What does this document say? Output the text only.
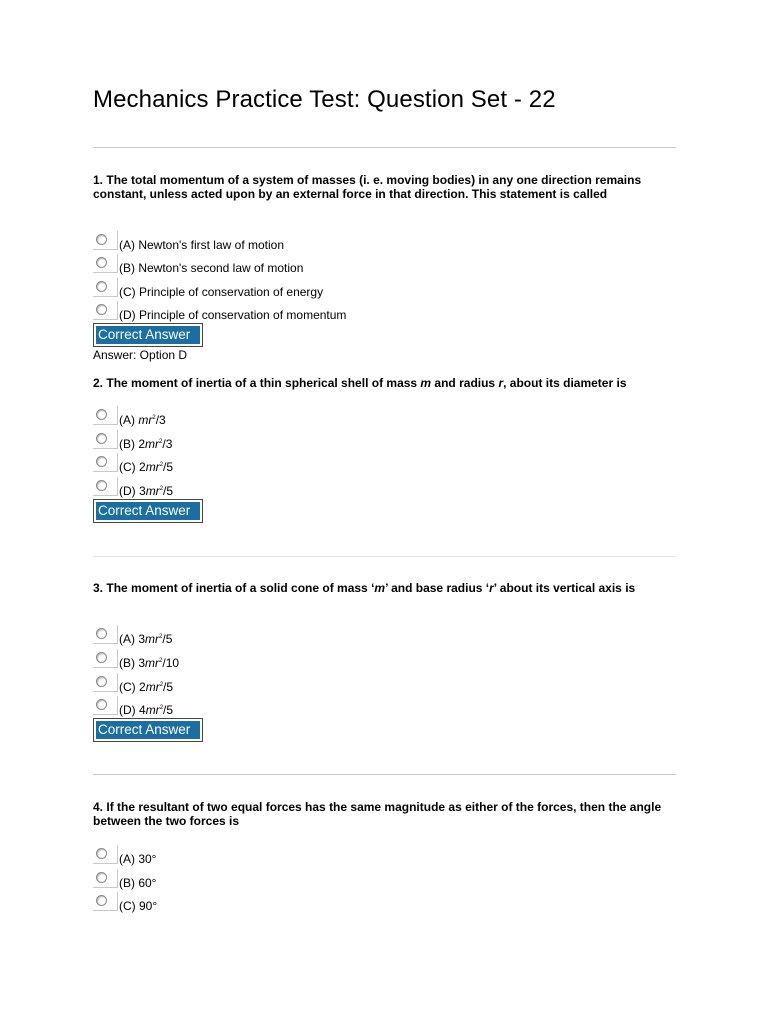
Mechanics Practice Test: Question Set - 22
1. The total momentum of a system of masses (i. e. moving bodies) in any one direction remains constant, unless acted upon by an external force in that direction. This statement is called
(A) Newton's first law of motion
(B) Newton's second law of motion
(C) Principle of conservation of energy
(D) Principle of conservation of momentum
Correct Answer
Answer: Option D
2. The moment of inertia of a thin spherical shell of mass m and radius r, about its diameter is
(A) $mr^2/3$
(B) $2mr^2/3$
(C) $2mr^2/5$
(D) $3mr^2/5$
Correct Answer
3. The moment of inertia of a solid cone of mass ‘m’ and base radius ‘r’ about its vertical axis is
(A) $3mr^2/5$
(B) $3mr^2/10$
(C) $2mr^2/5$
(D) $4mr^2/5$
Correct Answer
4. If the resultant of two equal forces has the same magnitude as either of the forces, then the angle between the two forces is
(A) 30°
(B) 60°
(C) 90°
